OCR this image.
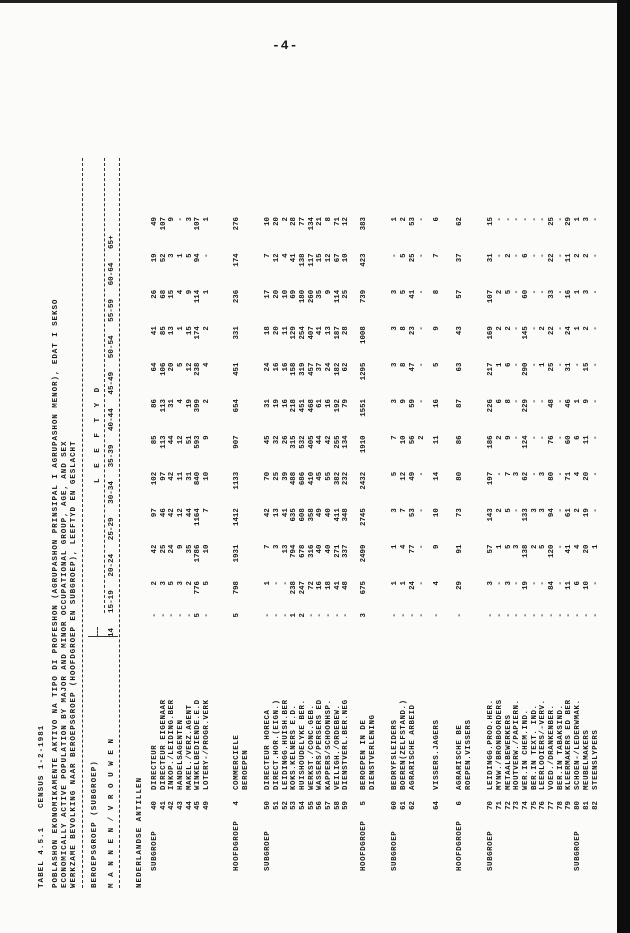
-4-
TABEL 4.5.1
CENSUS 1-2-1981 POBLASHON EKONOMIKAMENTE AKTIVO NA TIPO DI PROFESHON (AGRUPASHON PRINSIPAL I AGRUPASHON MENOR), EDAT I SEKSO ECONOMICALLY ACTIVE POPULATION BY MAJOR AND MINOR OCCUPATIONAL GROUP, AGE, AND SEX WERKZAME BEVOLKING NAAR BEROEPSGROEP (HOOFDGROEP EN SUBGROEP), LEEFTYD EN GESLACHT BEROEPSGROEP (SUBGROEP)
L E E F T Y D
M A N N E N / V R O U W E N
14
15-19
20-24
25-29
30-34
35-39
40-44
45-49
50-54
55-59
60-64
65+
NEDERLANDSE ANTILLEN SUBGROEP
40
DIRECTEUR
-
2
42
97
102
85
86
64
41
26
19
49
41
DIRECTEUR EIGENAAR
-
3
25
46
97
113
113
106
85
68
52
107
42
INKOP./LEIDING.BER
-
5
24
42
42
44
31
20
13
15
3
9
43
HANDELSAGENTEN
-
3
9
12
11
12
4
5
1
4
1
-
44
MAKEL./VERZ.AGENT
-
2
35
44
31
51
19
12
15
9
5
3
45
WINKELBEDIENDE.E.D
5
776
1786
1164
840
593
399
238
174
114
94
107
49
LOTERY-/PROGR.VERK
-
5
10
7
10
9
2
4
2
1
-
1
HOOFDGROEP
4
COMMERCIELE
5
798
1931
1412
1133
907
654
451
331
236
174
276
BEROEPEN
SUBGROEP
50
DIRECTEUR HORECA
-
1
7
42
70
45
31
24
18
17
7
10
51
DIRECT.HOR.(EIGN.)
-
-
3
13
25
32
19
16
20
20
12
20
52
LEIDINGG.HUISH.BER
-
-
13
41
39
26
16
16
11
10
4
2
53
KOKS.KELNERS E.D.
1
238
794
635
488
315
218
158
129
69
41
28
54
HUISHOUDELYKE BER.
2
247
678
608
686
532
451
319
254
180
138
77
55
WERKST./CONC.GEB.
-
72
316
358
410
405
468
457
407
260
117
134
56
WASSERS/PERSERS ED
-
16
40
49
45
44
61
37
41
35
15
21
57
KAPPERS/SCHOONHSP.
-
18
40
40
55
42
16
24
13
9
12
8
58
VEILIGH./ORDEBEW.
-
41
271
411
382
255
192
182
187
114
67
71
59
DIENSTVERL.BER.NEG
-
48
337
348
232
134
79
62
28
25
10
12
HOOFDGROEP
5
BEROEPEN IN DE
3
675
2499
2745
2432
1910
1551
1295
1008
739
423
383
DIENSTVERLENING
SUBGROEP
60
BEDRYFSLEIDERS
-
1
1
3
5
7
3
3
3
3
-
1
61
BOEREN(ZELFSTAND.)
-
1
4
7
12
10
9
8
8
5
5
2
62
AGRARISCHE ARBEID
-
24
77
53
49
56
59
47
23
41
25
53
-
-
-
-
-
2
-
-
-
-
-
-
64
VISSERS.JAGERS
-
4
9
10
14
11
16
5
9
8
7
6
HOOFDGROEP
6
AGRARISCHE BE
-
29
91
73
80
86
87
63
43
57
37
62
ROEPEN.VISSERS
SUBGROEP
70
LEIDINGG.PROD.HER.
-
3
57
143
197
186
226
217
169
107
31
15
71
MYNW./BRONBOORDERS
-
-
1
2
-
2
6
1
2
2
-
-
72
METAALBEWERKERS
-
3
5
5
7
9
8
6
2
5
2
-
73
HOUTVERW./PAPIERN.
-
-
3
-
3
-
-
-
-
-
-
-
74
WER.IN CHEM.IND.
-
19
138
133
62
124
229
290
145
60
6
-
75
BER.IN TEXT. IND.
-
-
2
3
-
-
-
-
-
-
-
-
76
LEERLOOIERS/-VERV.
-
-
5
3
3
-
-
1
2
-
-
-
77
VOED./DRANKENBER.
-
84
120
94
80
76
48
25
22
33
22
25
78
BER.IN TABAKSIND.
-
-
-
-
-
-
-
-
-
-
-
-
79
KLEERMAKERS ED BER
-
11
41
61
71
60
46
31
24
16
11
29
SUBGROEP
80
SCHOEN-/LEDERWMAK.
-
6
4
2
4
6
1
-
1
1
2
1
81
MEUBELMAKERS
-
10
20
19
20
11
9
15
2
3
2
3
82
STEENSLYPERS
-
-
1
-
-
-
-
-
-
-
-
-
